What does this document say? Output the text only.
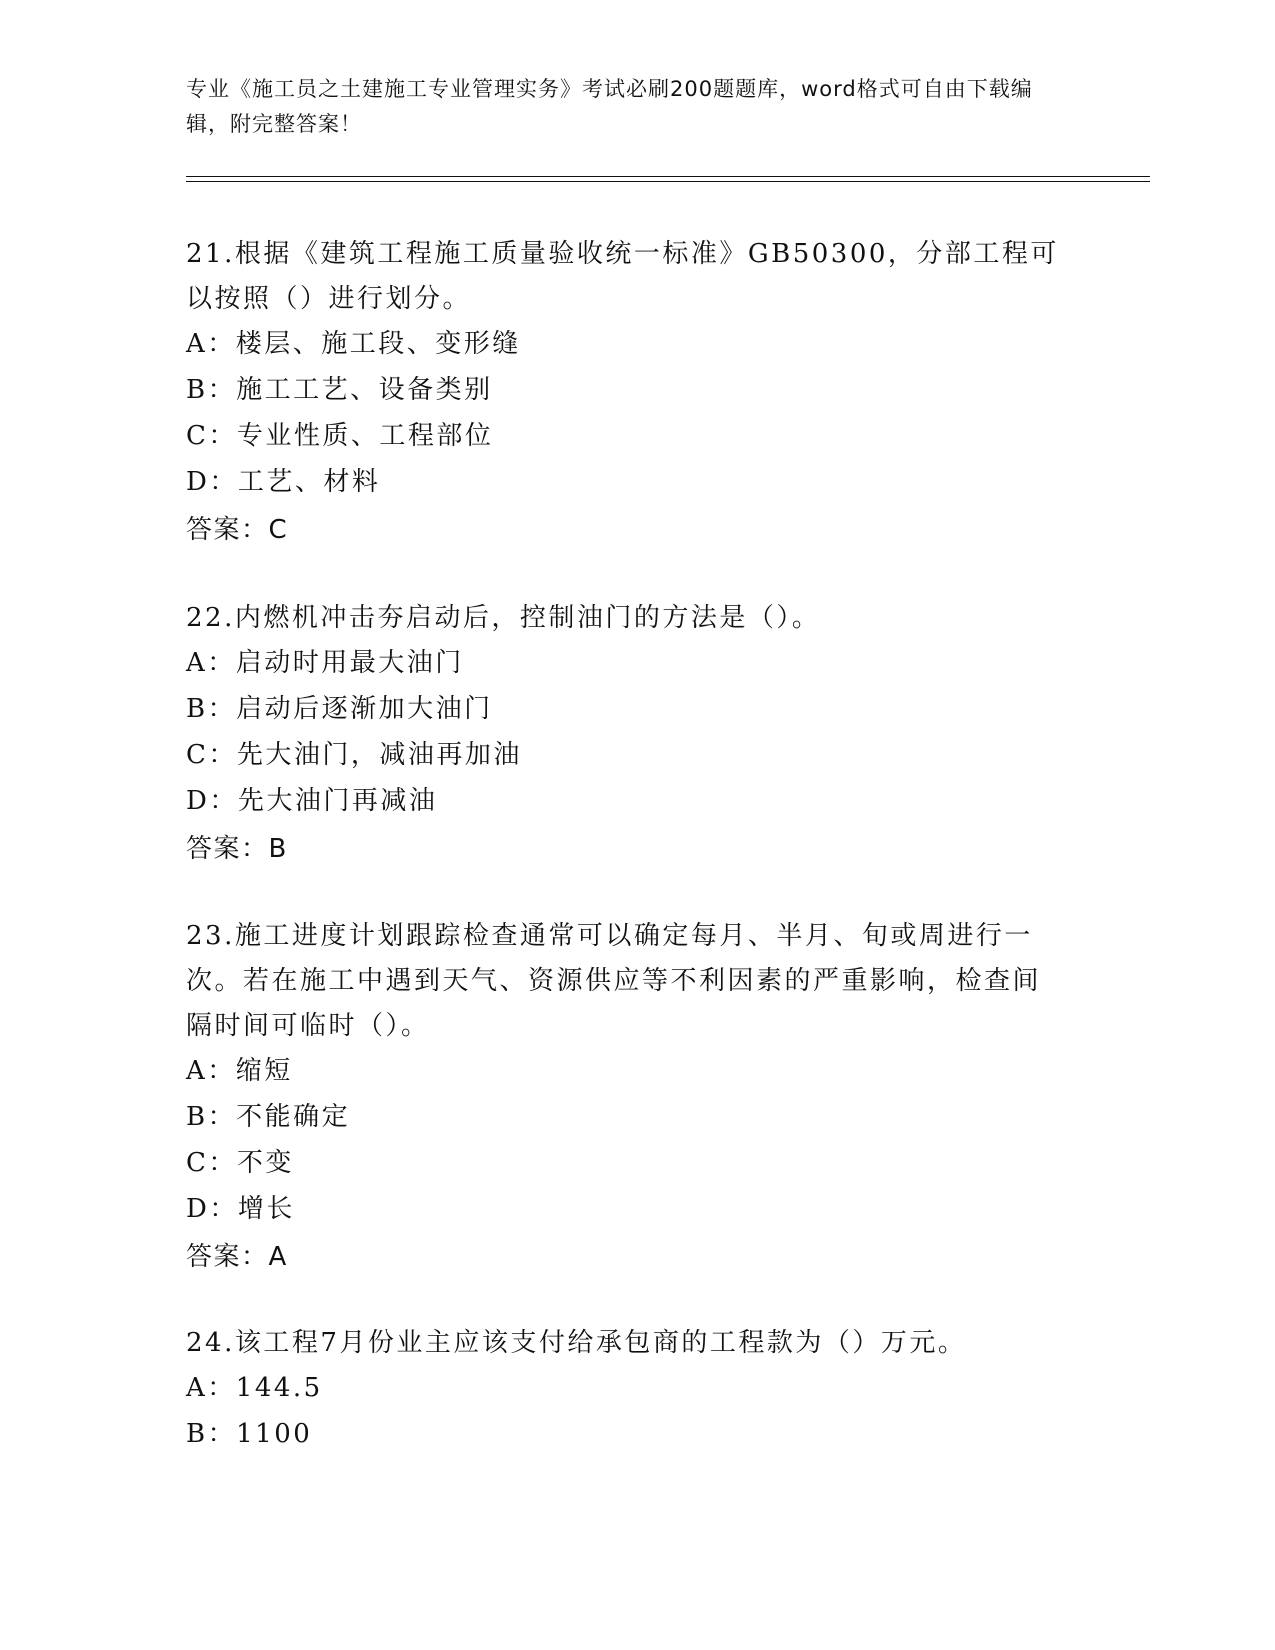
专业《施工员之土建施工专业管理实务》考试必刷200题题库，word格式可自由下载编辑，附完整答案！
21.根据《建筑工程施工质量验收统一标准》GB50300，分部工程可以按照（）进行划分。
A：楼层、施工段、变形缝
B：施工工艺、设备类别
C：专业性质、工程部位
D：工艺、材料
答案：C
22.内燃机冲击夯启动后，控制油门的方法是（）。
A：启动时用最大油门
B：启动后逐渐加大油门
C：先大油门，减油再加油
D：先大油门再减油
答案：B
23.施工进度计划跟踪检查通常可以确定每月、半月、旬或周进行一次。若在施工中遇到天气、资源供应等不利因素的严重影响，检查间隔时间可临时（）。
A：缩短
B：不能确定
C：不变
D：增长
答案：A
24.该工程7月份业主应该支付给承包商的工程款为（）万元。
A：144.5
B：1100
